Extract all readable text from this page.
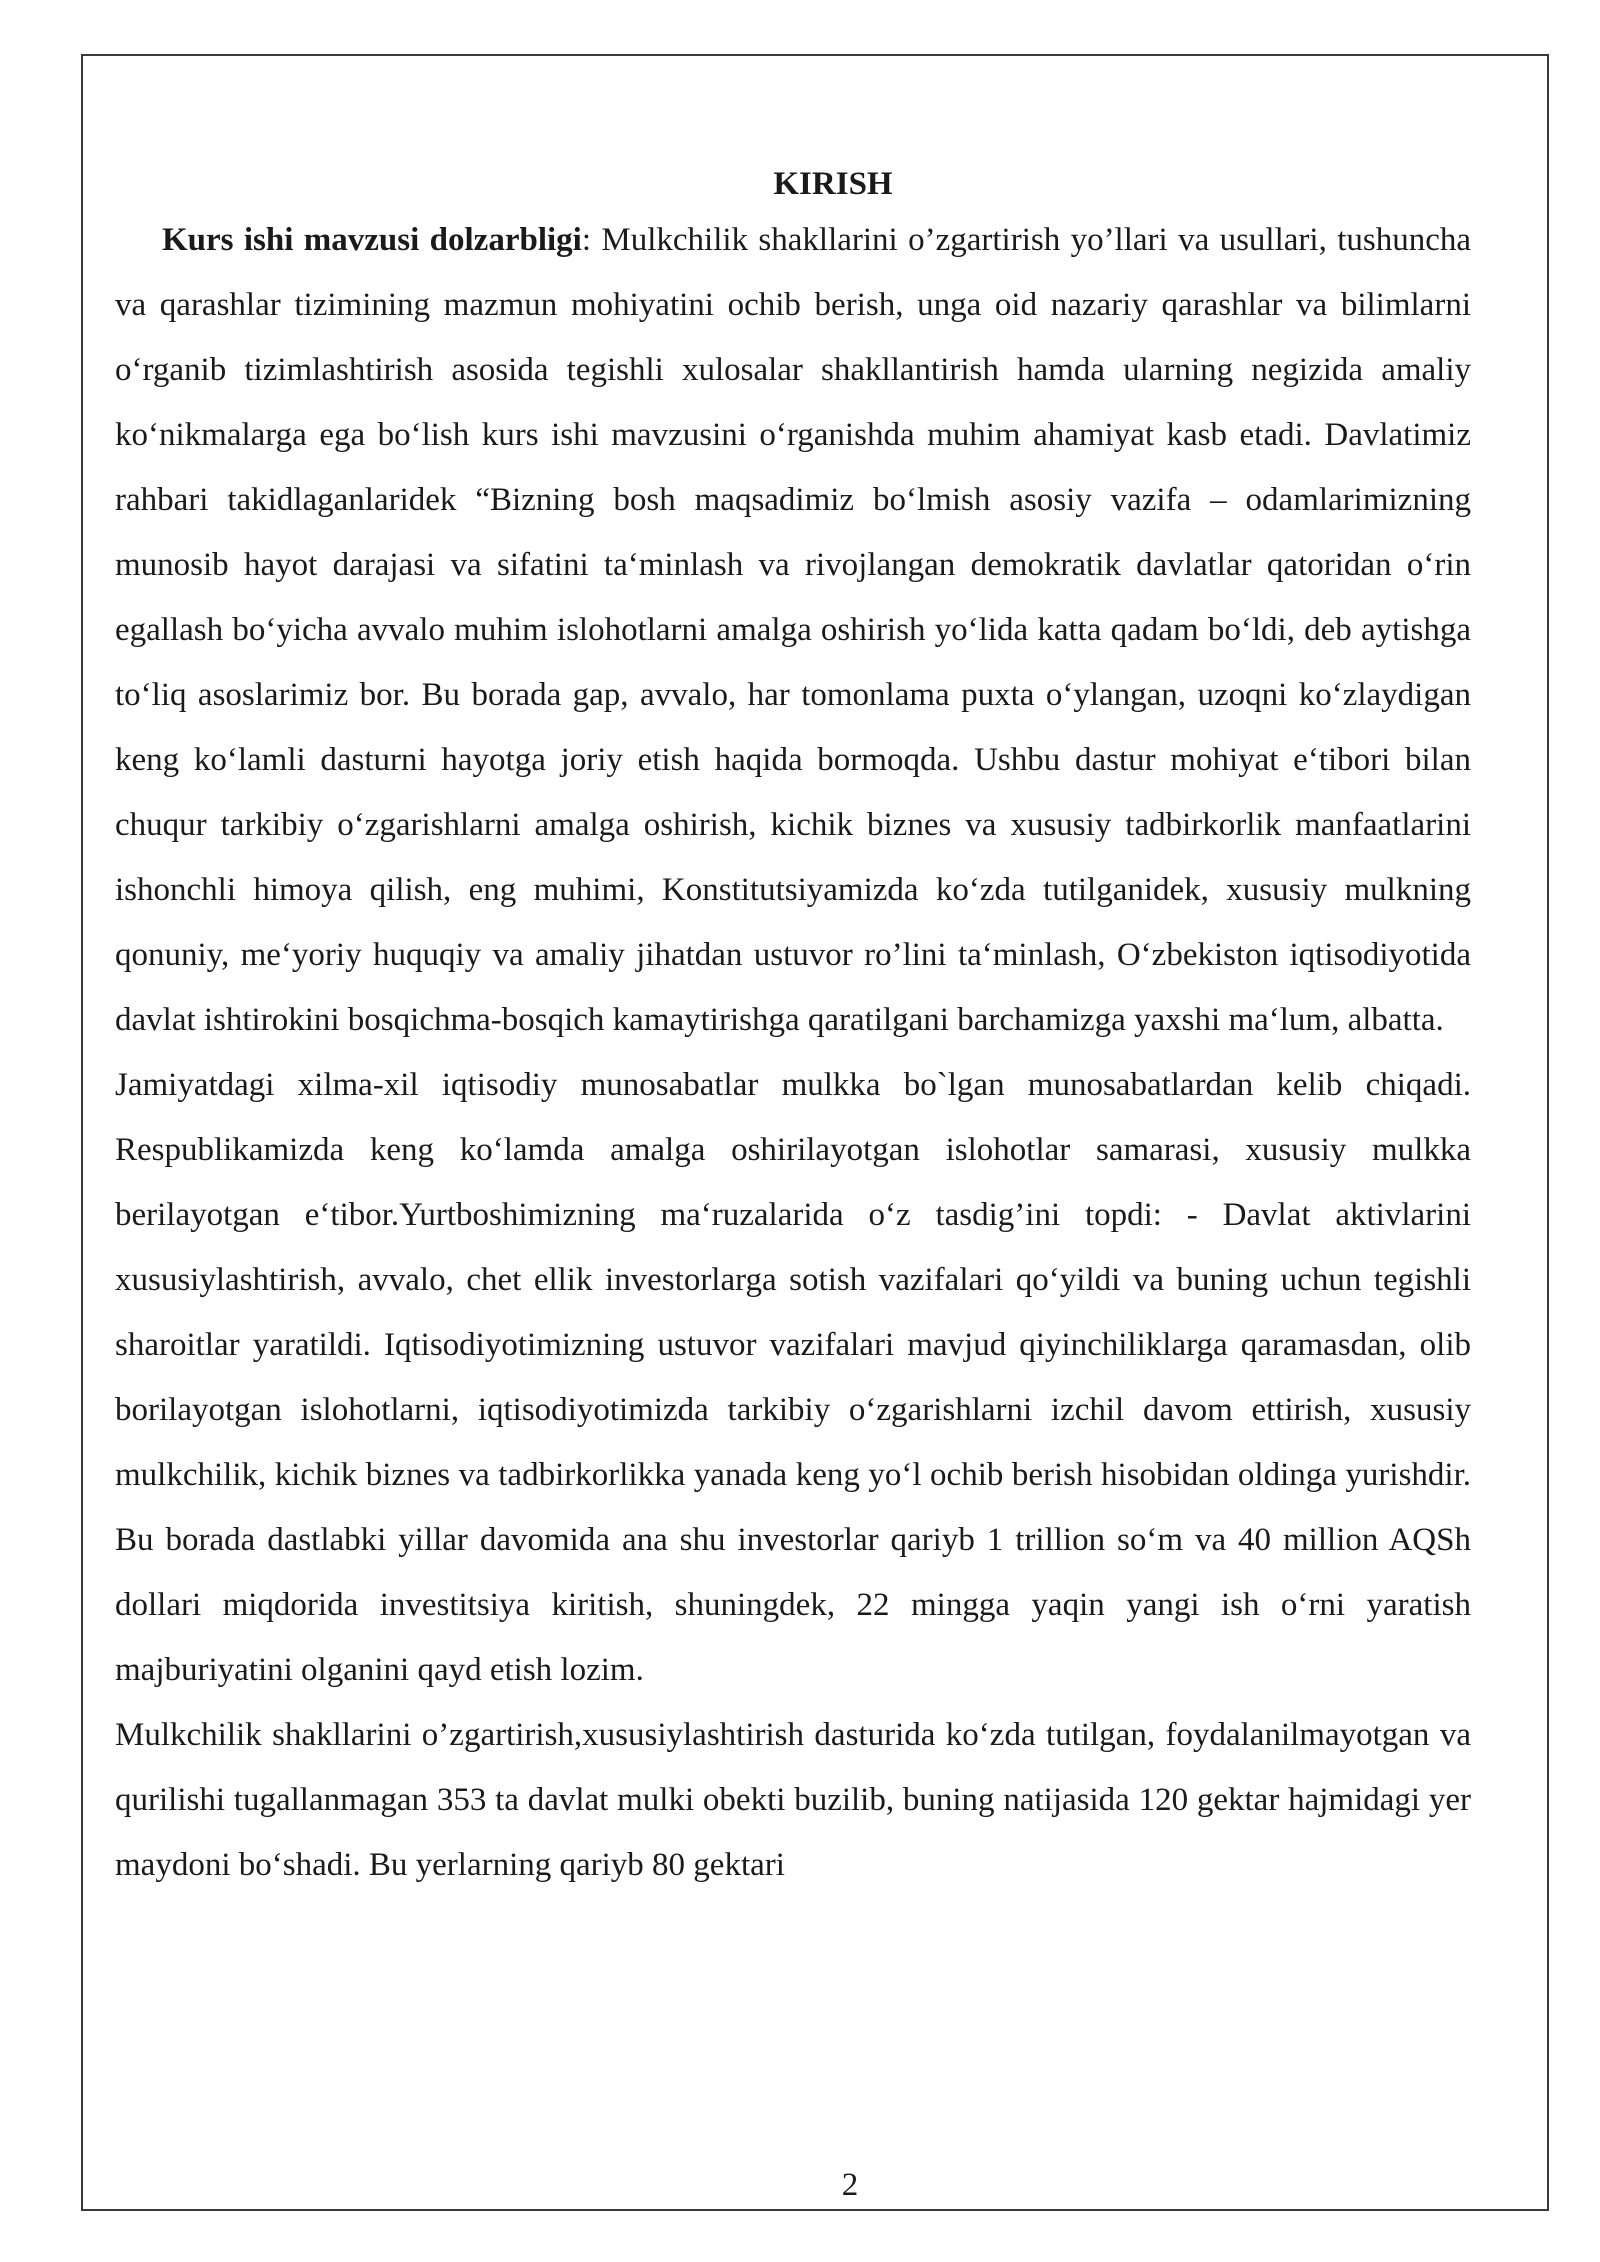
KIRISH

Kurs ishi mavzusi dolzarbligi: Mulkchilik shakllarini o’zgartirish yo’llari va usullari, tushuncha va qarashlar tizimining mazmun mohiyatini ochib berish, unga oid nazariy qarashlar va bilimlarni o‘rganib tizimlashtirish asosida tegishli xulosalar shakllantirish hamda ularning negizida amaliy ko‘nikmalarga ega bo‘lish kurs ishi mavzusini o‘rganishda muhim ahamiyat kasb etadi. Davlatimiz rahbari takidlaganlaridek “Bizning bosh maqsadimiz bo‘lmish asosiy vazifa – odamlarimizning munosib hayot darajasi va sifatini ta‘minlash va rivojlangan demokratik davlatlar qatoridan o‘rin egallash bo‘yicha avvalo muhim islohotlarni amalga oshirish yo‘lida katta qadam bo‘ldi, deb aytishga to‘liq asoslarimiz bor. Bu borada gap, avvalo, har tomonlama puxta o‘ylangan, uzoqni ko‘zlaydigan keng ko‘lamli dasturni hayotga joriy etish haqida bormoqda. Ushbu dastur mohiyat e‘tibori bilan chuqur tarkibiy o‘zgarishlarni amalga oshirish, kichik biznes va xususiy tadbirkorlik manfaatlarini ishonchli himoya qilish, eng muhimi, Konstitutsiyamizda ko‘zda tutilganidek, xususiy mulkning qonuniy, me‘yoriy huquqiy va amaliy jihatdan ustuvor ro’lini ta‘minlash, O‘zbekiston iqtisodiyotida davlat ishtirokini bosqichma-bosqich kamaytirishga qaratilgani barchamizga yaxshi ma‘lum, albatta.

Jamiyatdagi xilma-xil iqtisodiy munosabatlar mulkka bo`lgan munosabatlardan kelib chiqadi. Respublikamizda keng ko‘lamda amalga oshirilayotgan islohotlar samarasi, xususiy mulkka berilayotgan e‘tibor.Yurtboshimizning ma‘ruzalarida o‘z tasdig’ini topdi: - Davlat aktivlarini xususiylashtirish, avvalo, chet ellik investorlarga sotish vazifalari qo‘yildi va buning uchun tegishli sharoitlar yaratildi. Iqtisodiyotimizning ustuvor vazifalari mavjud qiyinchiliklarga qaramasdan, olib borilayotgan islohotlarni, iqtisodiyotimizda tarkibiy o‘zgarishlarni izchil davom ettirish, xususiy mulkchilik, kichik biznes va tadbirkorlikka yanada keng yo‘l ochib berish hisobidan oldinga yurishdir. Bu borada dastlabki yillar davomida ana shu investorlar qariyb 1 trillion so‘m va 40 million AQSh dollari miqdorida investitsiya kiritish, shuningdek, 22 mingga yaqin yangi ish o‘rni yaratish majburiyatini olganini qayd etish lozim.

Mulkchilik shakllarini o’zgartirish,xususiylashtirish dasturida ko‘zda tutilgan, foydalanilmayotgan va qurilishi tugallanmagan 353 ta davlat mulki obekti buzilib, buning natijasida 120 gektar hajmidagi yer maydoni bo‘shadi. Bu yerlarning qariyb 80 gektari

2
